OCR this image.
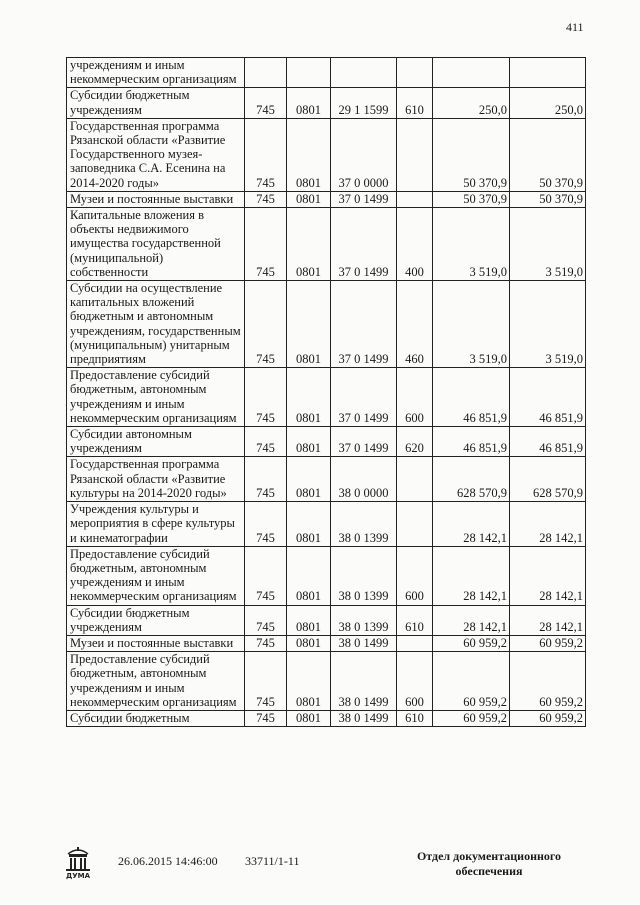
411
учреждениям и иным некоммерческим организациям						
Субсидии бюджетным учреждениям	745	0801	29 1 1599	610	250,0	250,0
Государственная программа Рязанской области «Развитие Государственного музея-заповедника С.А. Есенина на 2014-2020 годы»	745	0801	37 0 0000		50 370,9	50 370,9
Музеи и постоянные выставки	745	0801	37 0 1499		50 370,9	50 370,9
Капитальные вложения в объекты недвижимого имущества государственной (муниципальной) собственности	745	0801	37 0 1499	400	3 519,0	3 519,0
Субсидии на осуществление капитальных вложений бюджетным и автономным учреждениям, государственным (муниципальным) унитарным предприятиям	745	0801	37 0 1499	460	3 519,0	3 519,0
Предоставление субсидий бюджетным, автономным учреждениям и иным некоммерческим организациям	745	0801	37 0 1499	600	46 851,9	46 851,9
Субсидии автономным учреждениям	745	0801	37 0 1499	620	46 851,9	46 851,9
Государственная программа Рязанской области «Развитие культуры на 2014-2020 годы»	745	0801	38 0 0000		628 570,9	628 570,9
Учреждения культуры и мероприятия в сфере культуры и кинематографии	745	0801	38 0 1399		28 142,1	28 142,1
Предоставление субсидий бюджетным, автономным учреждениям и иным некоммерческим организациям	745	0801	38 0 1399	600	28 142,1	28 142,1
Субсидии бюджетным учреждениям	745	0801	38 0 1399	610	28 142,1	28 142,1
Музеи и постоянные выставки	745	0801	38 0 1499		60 959,2	60 959,2
Предоставление субсидий бюджетным, автономным учреждениям и иным некоммерческим организациям	745	0801	38 0 1499	600	60 959,2	60 959,2
Субсидии бюджетным	745	0801	38 0 1499	610	60 959,2	60 959,2
ДУМА
26.06.2015 14:46:00 33711/1-11	Отдел документационного обеспечения
